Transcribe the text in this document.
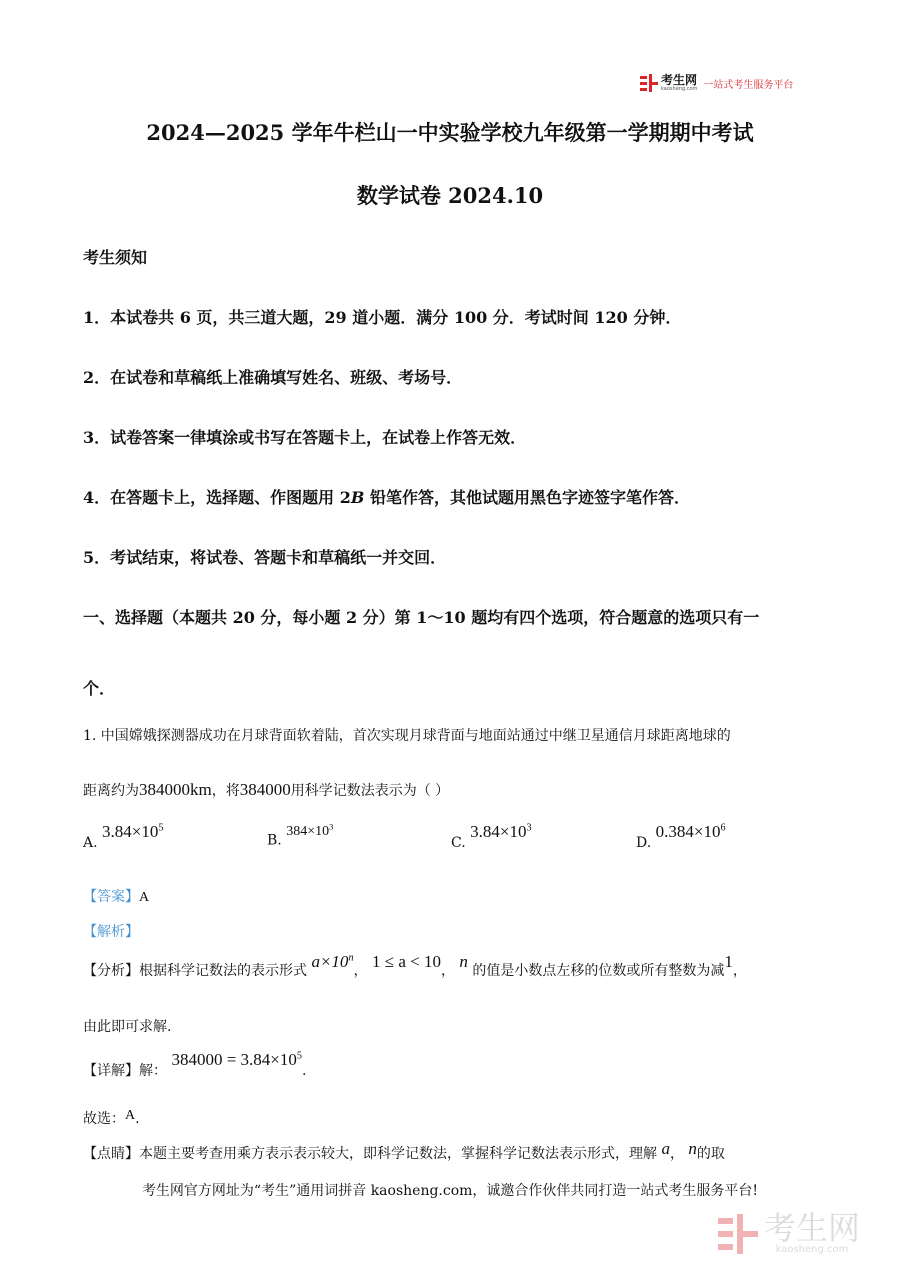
考生网
kaosheng.com 一站式考生服务平台
2024—2025 学年牛栏山一中实验学校九年级第一学期期中考试
数学试卷 2024.10
考生须知
1．本试卷共 6 页，共三道大题，29 道小题．满分 100 分．考试时间 120 分钟．
2．在试卷和草稿纸上准确填写姓名、班级、考场号．
3．试卷答案一律填涂或书写在答题卡上，在试卷上作答无效．
4．在答题卡上，选择题、作图题用 2B 铅笔作答，其他试题用黑色字迹签字笔作答．
5．考试结束，将试卷、答题卡和草稿纸一并交回．
一、选择题（本题共 20 分，每小题 2 分）第 1～10 题均有四个选项，符合题意的选项只有一
个．
1. 中国嫦娥探测器成功在月球背面软着陆，首次实现月球背面与地面站通过中继卫星通信月球距离地球的
距离约为384000km，将384000用科学记数法表示为（ ）
A. $3.84\times 10^5$
B. $384\times 10^3$
C. $3.84\times 10^3$
D. $0.384\times 10^6$
【答案】A
【解析】
【分析】根据科学记数法的表示形式 $a\times 10^n$， 1 ≤ a < 10， n 的值是小数点左移的位数或所有整数为减1，
由此即可求解.
【详解】解： $384000 = 3.84\times 10^5$.
故选：A.
【点睛】本题主要考查用乘方表示表示较大，即科学记数法，掌握科学记数法表示形式，理解 a， n的取
考生网官方网址为“考生”通用词拼音 kaosheng.com，诚邀合作伙伴共同打造一站式考生服务平台!
考生网
kaosheng.com
